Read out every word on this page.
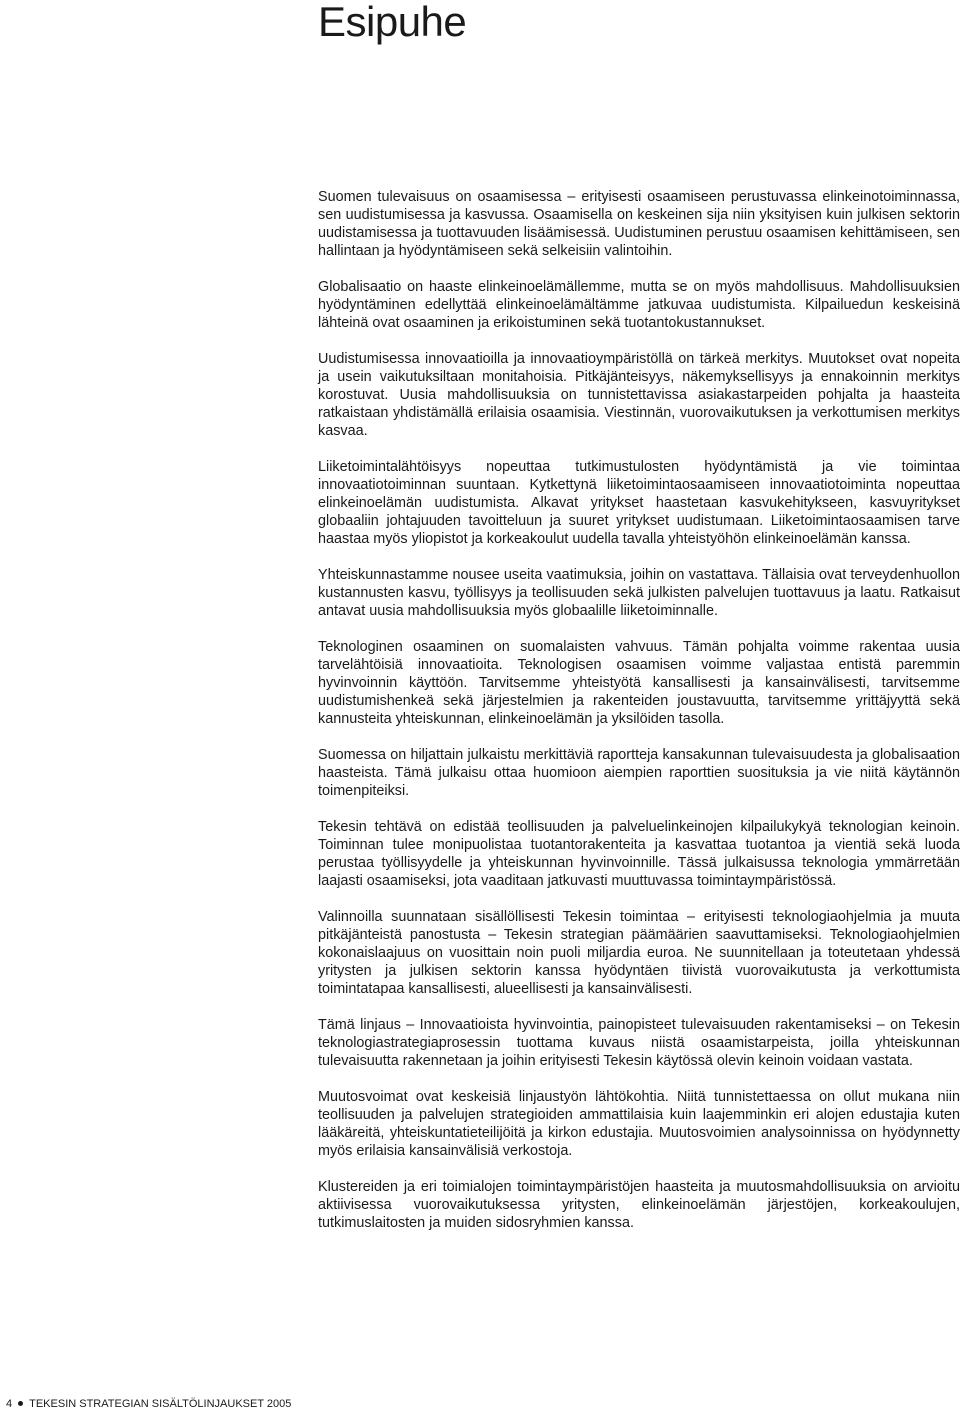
Esipuhe

Suomen tulevaisuus on osaamisessa – erityisesti osaamiseen perustuvassa elinkeinotoiminnassa, sen uudistumisessa ja kasvussa. Osaamisella on keskeinen sija niin yksityisen kuin julkisen sektorin uudistamisessa ja tuottavuuden lisäämisessä. Uudistuminen perustuu osaamisen kehittämiseen, sen hallintaan ja hyödyntämiseen sekä selkeisiin valintoihin.

Globalisaatio on haaste elinkeinoelämällemme, mutta se on myös mahdollisuus. Mahdollisuuksien hyödyntäminen edellyttää elinkeinoelämältämme jatkuvaa uudistumista. Kilpailuedun keskeisinä lähteinä ovat osaaminen ja erikoistuminen sekä tuotantokustannukset.

Uudistumisessa innovaatioilla ja innovaatioympäristöllä on tärkeä merkitys. Muutokset ovat nopeita ja usein vaikutuksiltaan monitahoisia. Pitkäjänteisyys, näkemyksellisyys ja ennakoinnin merkitys korostuvat. Uusia mahdollisuuksia on tunnistettavissa asiakastarpeiden pohjalta ja haasteita ratkaistaan yhdistämällä erilaisia osaamisia. Viestinnän, vuorovaikutuksen ja verkottumisen merkitys kasvaa.

Liiketoimintalähtöisyys nopeuttaa tutkimustulosten hyödyntämistä ja vie toimintaa innovaatiotoiminnan suuntaan. Kytkettynä liiketoimintaosaamiseen innovaatiotoiminta nopeuttaa elinkeinoelämän uudistumista. Alkavat yritykset haastetaan kasvukehitykseen, kasvuyritykset globaaliin johtajuuden tavoitteluun ja suuret yritykset uudistumaan. Liiketoimintaosaamisen tarve haastaa myös yliopistot ja korkeakoulut uudella tavalla yhteistyöhön elinkeinoelämän kanssa.

Yhteiskunnastamme nousee useita vaatimuksia, joihin on vastattava. Tällaisia ovat terveydenhuollon kustannusten kasvu, työllisyys ja teollisuuden sekä julkisten palvelujen tuottavuus ja laatu. Ratkaisut antavat uusia mahdollisuuksia myös globaalille liiketoiminnalle.

Teknologinen osaaminen on suomalaisten vahvuus. Tämän pohjalta voimme rakentaa uusia tarvelähtöisiä innovaatioita. Teknologisen osaamisen voimme valjastaa entistä paremmin hyvinvoinnin käyttöön. Tarvitsemme yhteistyötä kansallisesti ja kansainvälisesti, tarvitsemme uudistumishenkeä sekä järjestelmien ja rakenteiden joustavuutta, tarvitsemme yrittäjyyttä sekä kannusteita yhteiskunnan, elinkeinoelämän ja yksilöiden tasolla.

Suomessa on hiljattain julkaistu merkittäviä raportteja kansakunnan tulevaisuudesta ja globalisaation haasteista. Tämä julkaisu ottaa huomioon aiempien raporttien suosituksia ja vie niitä käytännön toimenpiteiksi.

Tekesin tehtävä on edistää teollisuuden ja palveluelinkeinojen kilpailukykyä teknologian keinoin. Toiminnan tulee monipuolistaa tuotantorakenteita ja kasvattaa tuotantoa ja vientiä sekä luoda perustaa työllisyydelle ja yhteiskunnan hyvinvoinnille. Tässä julkaisussa teknologia ymmärretään laajasti osaamiseksi, jota vaaditaan jatkuvasti muuttuvassa toimintaympäristössä.

Valinnoilla suunnataan sisällöllisesti Tekesin toimintaa – erityisesti teknologiaohjelmia ja muuta pitkäjänteistä panostusta – Tekesin strategian päämäärien saavuttamiseksi. Teknologiaohjelmien kokonaislaajuus on vuosittain noin puoli miljardia euroa. Ne suunnitellaan ja toteutetaan yhdessä yritysten ja julkisen sektorin kanssa hyödyntäen tiivistä vuorovaikutusta ja verkottumista toimintatapaa kansallisesti, alueellisesti ja kansainvälisesti.

Tämä linjaus – Innovaatioista hyvinvointia, painopisteet tulevaisuuden rakentamiseksi – on Tekesin teknologiastrategiaprosessin tuottama kuvaus niistä osaamistarpeista, joilla yhteiskunnan tulevaisuutta rakennetaan ja joihin erityisesti Tekesin käytössä olevin keinoin voidaan vastata.

Muutosvoimat ovat keskeisiä linjaustyön lähtökohtia. Niitä tunnistettaessa on ollut mukana niin teollisuuden ja palvelujen strategioiden ammattilaisia kuin laajemminkin eri alojen edustajia kuten lääkäreitä, yhteiskuntatieteilijöitä ja kirkon edustajia. Muutosvoimien analysoinnissa on hyödynnetty myös erilaisia kansainvälisiä verkostoja.

Klustereiden ja eri toimialojen toimintaympäristöjen haasteita ja muutosmahdollisuuksia on arvioitu aktiivisessa vuorovaikutuksessa yritysten, elinkeinoelämän järjestöjen, korkeakoulujen, tutkimuslaitosten ja muiden sidosryhmien kanssa.

4 TEKESIN STRATEGIAN SISÄLTÖLINJAUKSET 2005
